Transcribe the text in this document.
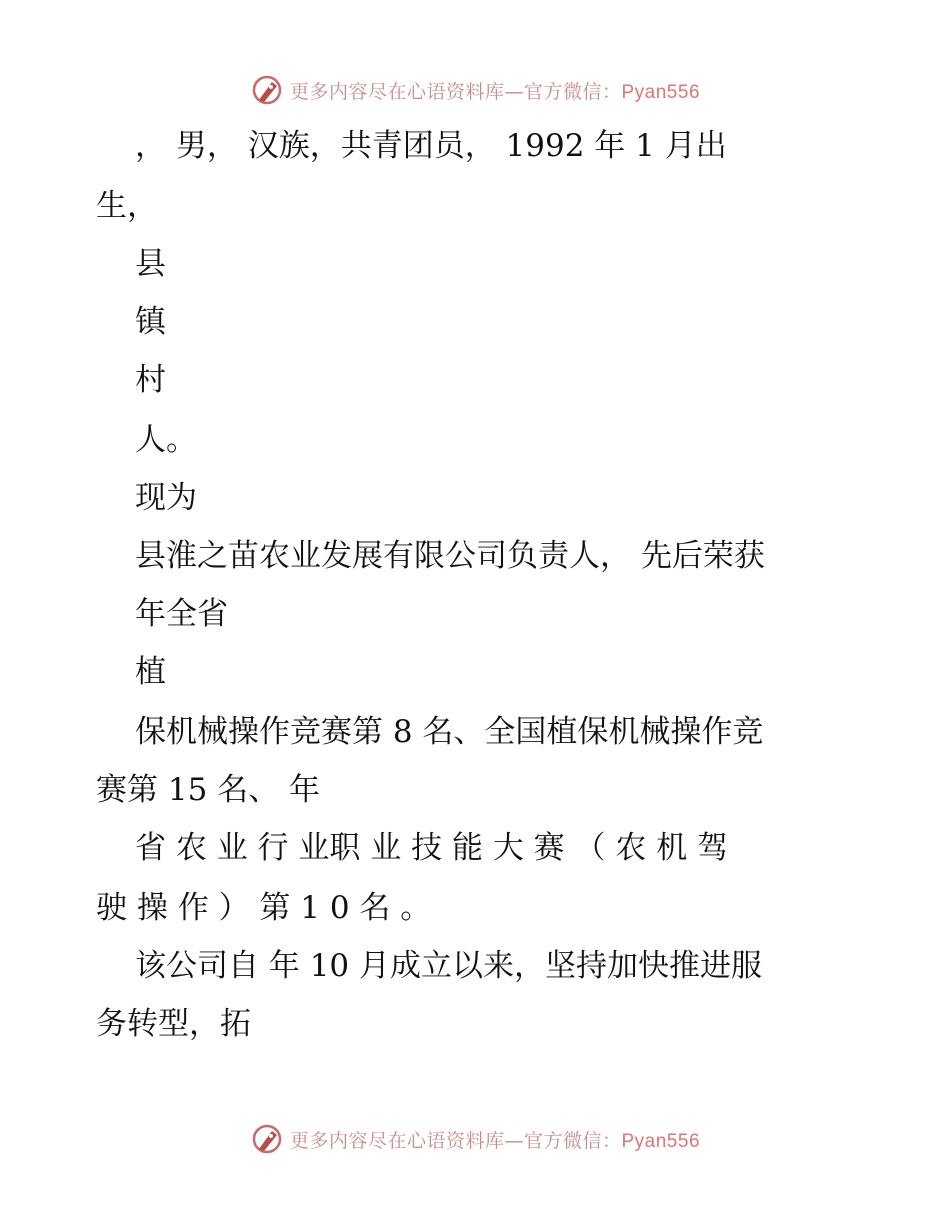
更多内容尽在心语资料库—官方微信：Pyan556
， 男， 汉族，共青团员， 1992 年 1 月出
生，
县
镇
村
人。
现为
县淮之苗农业发展有限公司负责人， 先后荣获
年全省
植
保机械操作竞赛第 8 名、全国植保机械操作竞
赛第 15 名、 年
省 农 业 行 业职 业 技 能 大 赛 （ 农 机 驾
驶 操 作 ） 第 1 0 名 。
该公司自 年 10 月成立以来，坚持加快推进服
务转型，拓
更多内容尽在心语资料库—官方微信：Pyan556
